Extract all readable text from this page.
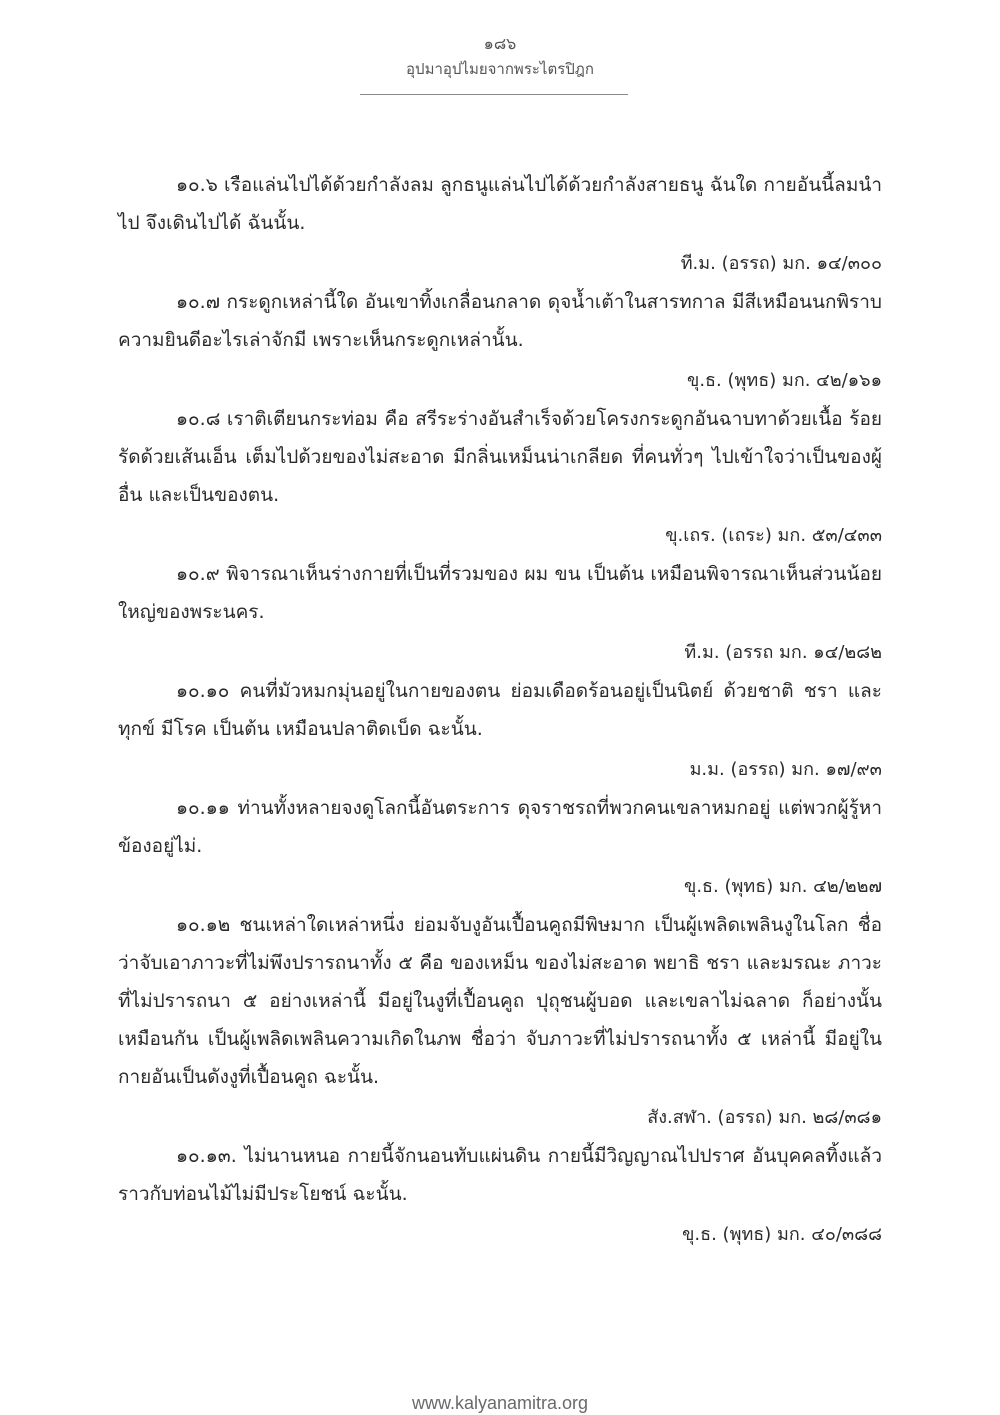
๑๘๖
อุปมาอุปไมยจากพระไตรปิฎก

๑๐.๖ เรือแล่นไปได้ด้วยกำลังลม ลูกธนูแล่นไปได้ด้วยกำลังสายธนู ฉันใด กายอันนี้ลมนำไป จึงเดินไปได้ ฉันนั้น.

ที.ม. (อรรถ) มก. ๑๔/๓๐๐

๑๐.๗ กระดูกเหล่านี้ใด อันเขาทิ้งเกลื่อนกลาด ดุจน้ำเต้าในสารทกาล มีสีเหมือนนกพิราบ ความยินดีอะไรเล่าจักมี เพราะเห็นกระดูกเหล่านั้น.

ขุ.ธ. (พุทธ) มก. ๔๒/๑๖๑

๑๐.๘ เราติเตียนกระท่อม คือ สรีระร่างอันสำเร็จด้วยโครงกระดูกอันฉาบทาด้วยเนื้อ ร้อยรัดด้วยเส้นเอ็น เต็มไปด้วยของไม่สะอาด มีกลิ่นเหม็นน่าเกลียด ที่คนทั่วๆ ไปเข้าใจว่าเป็นของผู้อื่น และเป็นของตน.

ขุ.เถร. (เถระ) มก. ๕๓/๔๓๓

๑๐.๙ พิจารณาเห็นร่างกายที่เป็นที่รวมของ ผม ขน เป็นต้น เหมือนพิจารณาเห็นส่วนน้อยใหญ่ของพระนคร.

ที.ม. (อรรถ มก. ๑๔/๒๘๒

๑๐.๑๐ คนที่มัวหมกมุ่นอยู่ในกายของตน ย่อมเดือดร้อนอยู่เป็นนิตย์ ด้วยชาติ ชรา และทุกข์ มีโรค เป็นต้น เหมือนปลาติดเบ็ด ฉะนั้น.

ม.ม. (อรรถ) มก. ๑๗/๙๓

๑๐.๑๑ ท่านทั้งหลายจงดูโลกนี้อันตระการ ดุจราชรถที่พวกคนเขลาหมกอยู่ แต่พวกผู้รู้หาข้องอยู่ไม่.

ขุ.ธ. (พุทธ) มก. ๔๒/๒๒๗

๑๐.๑๒ ชนเหล่าใดเหล่าหนึ่ง ย่อมจับงูอันเปื้อนคูถมีพิษมาก เป็นผู้เพลิดเพลินงูในโลก ชื่อว่าจับเอาภาวะที่ไม่พึงปรารถนาทั้ง ๕ คือ ของเหม็น ของไม่สะอาด พยาธิ ชรา และมรณะ ภาวะที่ไม่ปรารถนา ๕ อย่างเหล่านี้ มีอยู่ในงูที่เปื้อนคูถ ปุถุชนผู้บอด และเขลาไม่ฉลาด ก็อย่างนั้นเหมือนกัน เป็นผู้เพลิดเพลินความเกิดในภพ ชื่อว่า จับภาวะที่ไม่ปรารถนาทั้ง ๕ เหล่านี้ มีอยู่ในกายอันเป็นดังงูที่เปื้อนคูถ ฉะนั้น.

สัง.สฬา. (อรรถ) มก. ๒๘/๓๘๑

๑๐.๑๓. ไม่นานหนอ กายนี้จักนอนทับแผ่นดิน กายนี้มีวิญญาณไปปราศ อันบุคคลทิ้งแล้ว ราวกับท่อนไม้ไม่มีประโยชน์ ฉะนั้น.

ขุ.ธ. (พุทธ) มก. ๔๐/๓๘๘

www.kalyanamitra.org
